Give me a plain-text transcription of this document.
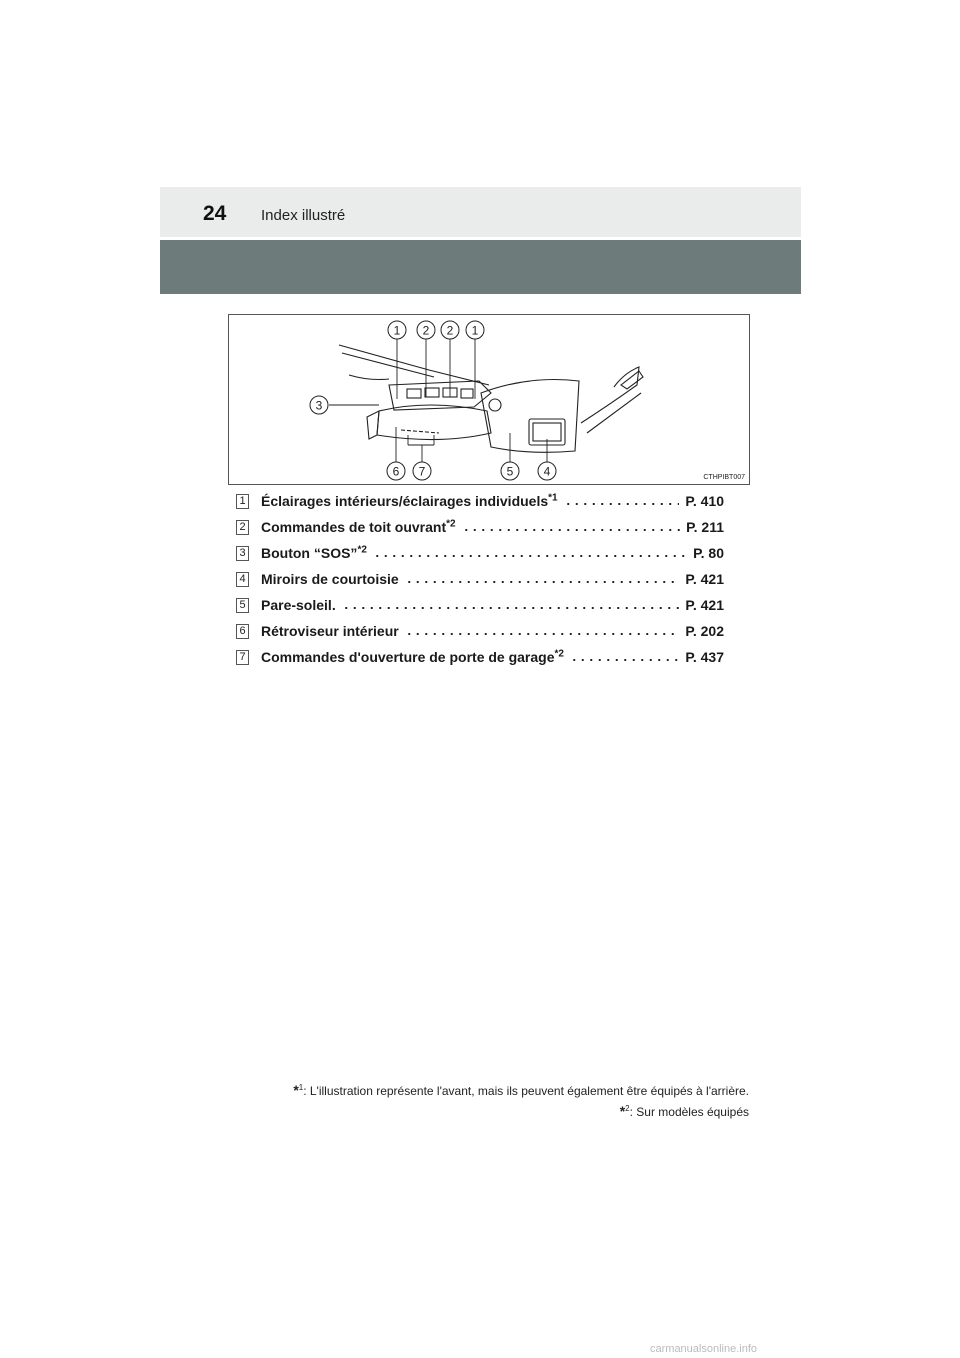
24 Index illustré
1 2 2 1
3
6 7	5	4	CTHPIBT007
1 Éclairages intérieurs/éclairages individuels$^{*1}$	P. 410
2 Commandes de toit ouvrant$^{*2}$	P. 211
3 Bouton “SOS”$^{*2}$	P. 80
4 Miroirs de courtoisie	P. 421
5 Pare-soleil.	P. 421
6 Rétroviseur intérieur	P. 202
7 Commandes d'ouverture de porte de garage$^{*2}$	P. 437
*$^1$: L'illustration représente l'avant, mais ils peuvent également être équipés à l'arrière.
*$^2$: Sur modèles équipés
carmanualsonline.info
